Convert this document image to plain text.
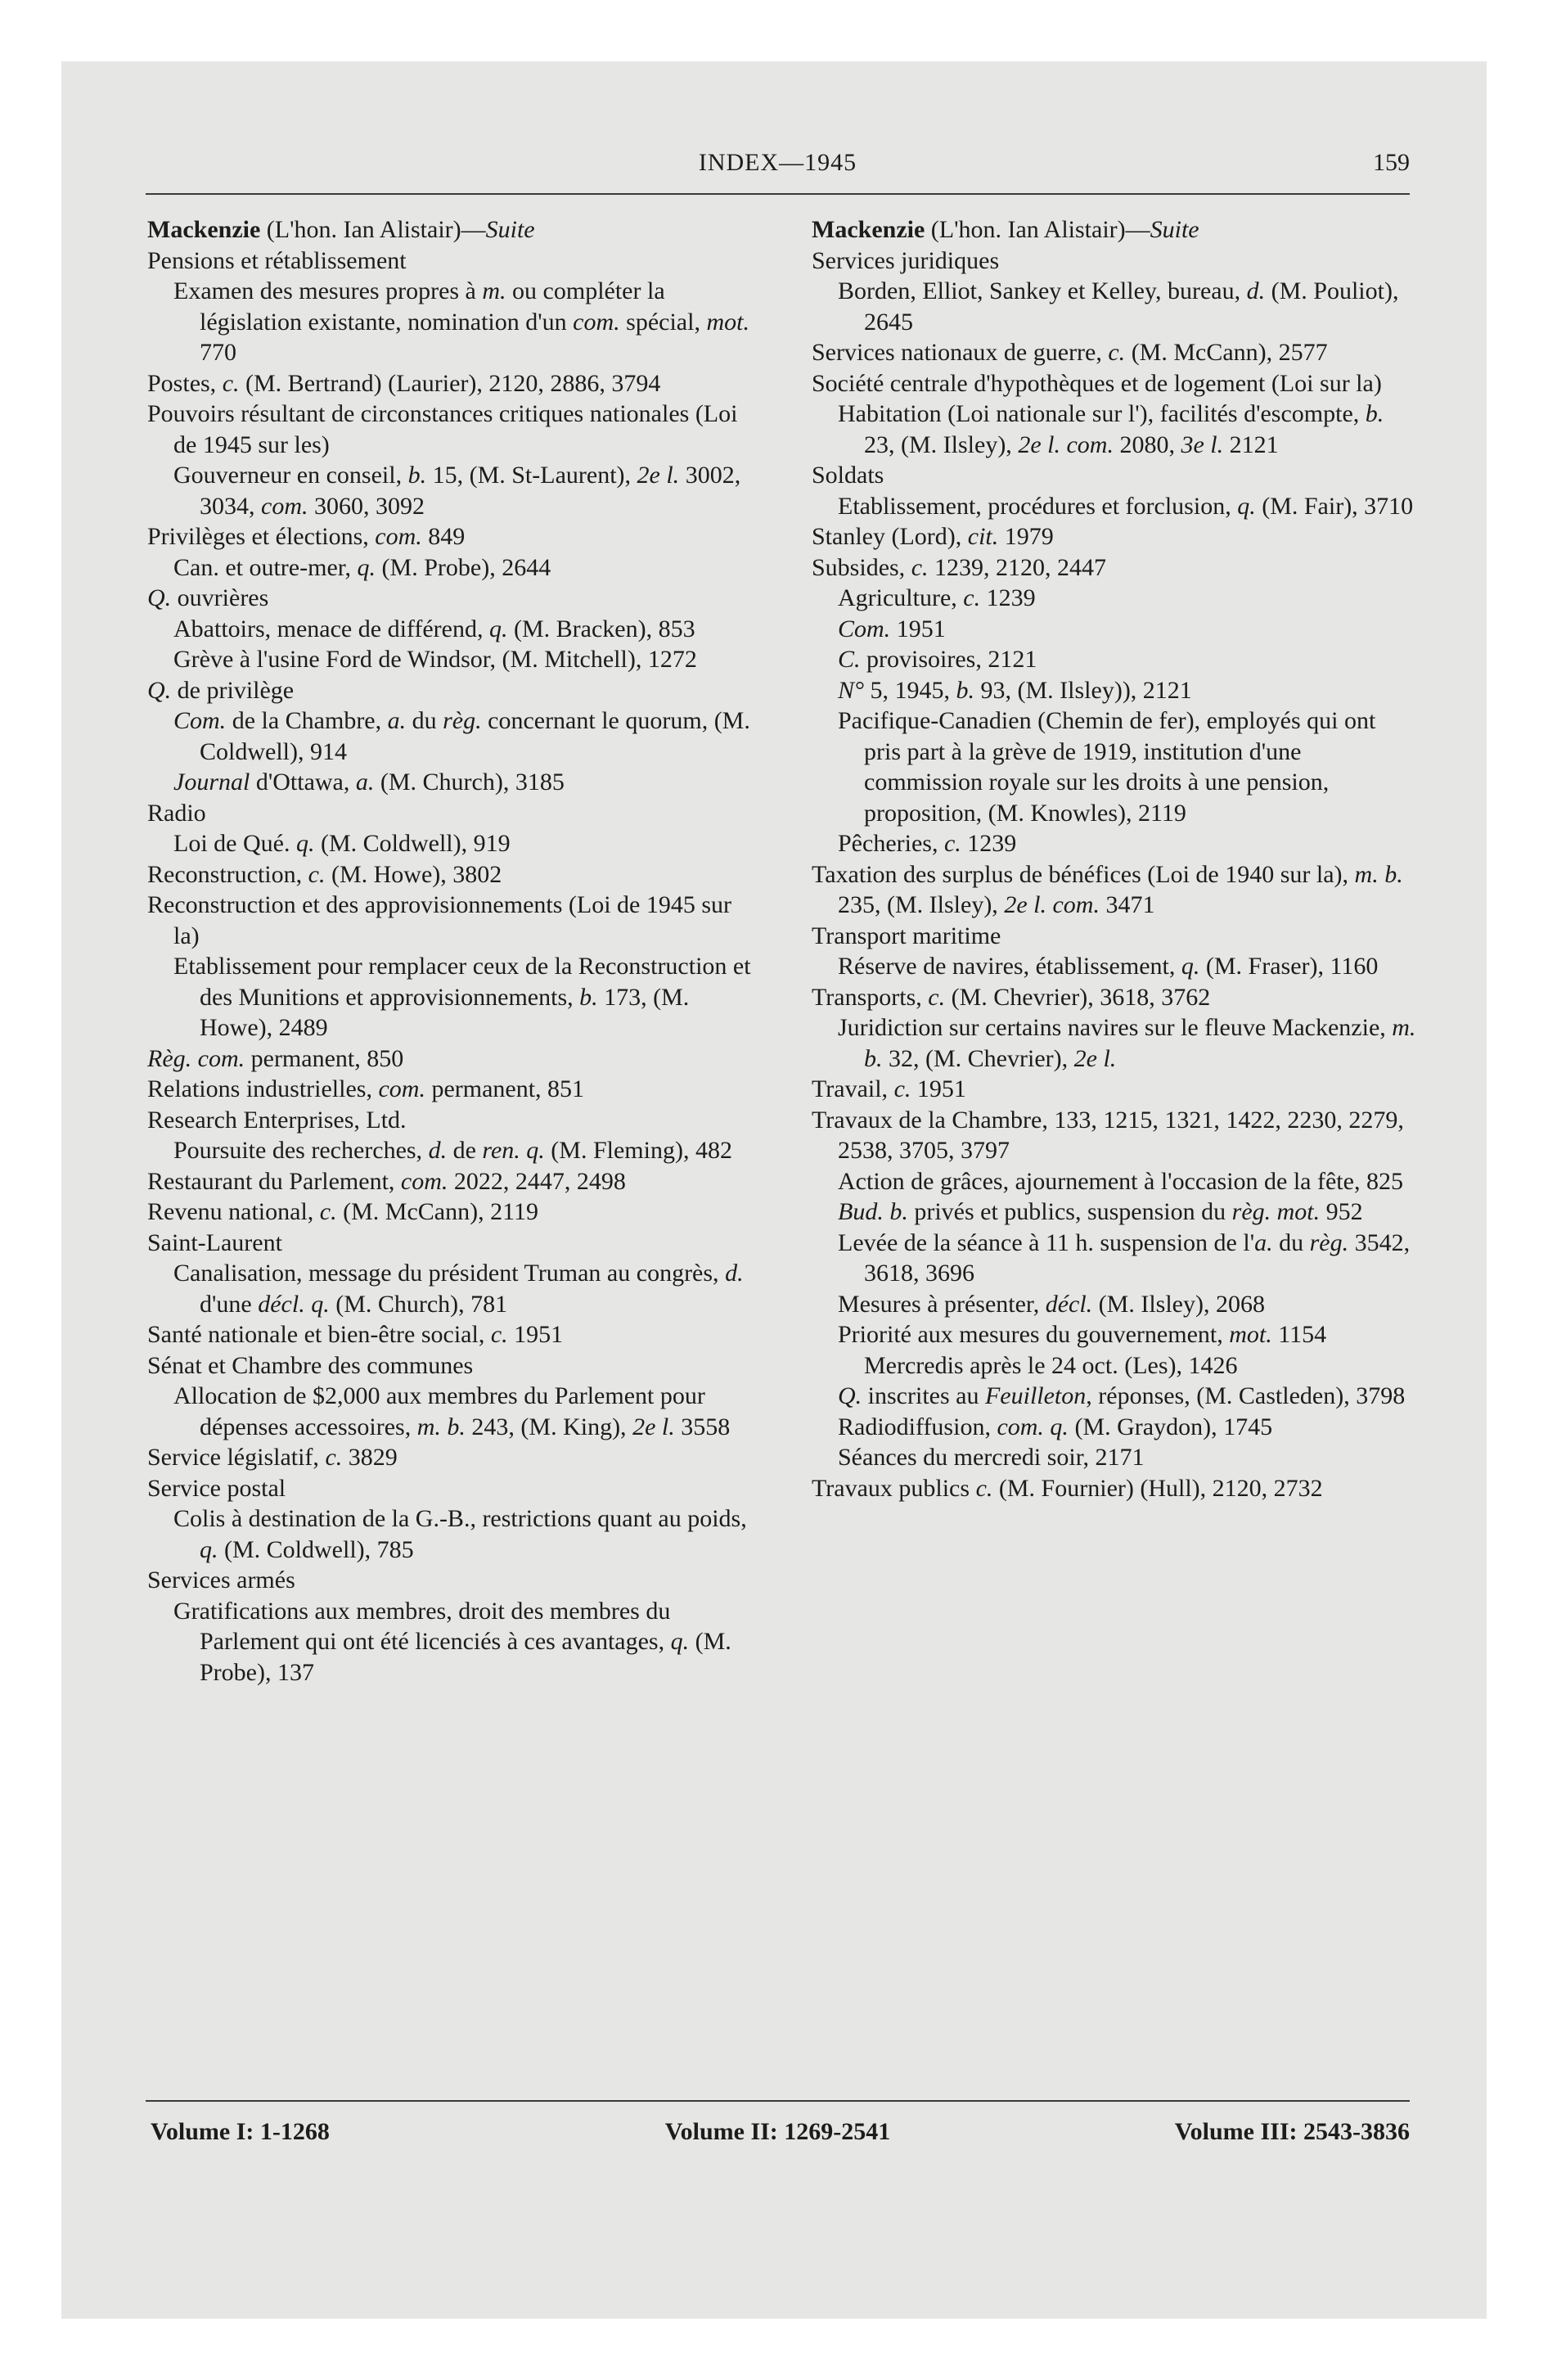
INDEX—1945	159
Mackenzie (L'hon. Ian Alistair)—Suite
Pensions et rétablissement
Examen des mesures propres à m. ou compléter la législation existante, nomination d'un com. spécial, mot. 770
Postes, c. (M. Bertrand) (Laurier), 2120, 2886, 3794
Pouvoirs résultant de circonstances critiques nationales (Loi de 1945 sur les)
Gouverneur en conseil, b. 15, (M. St-Laurent), 2e l. 3002, 3034, com. 3060, 3092
Privilèges et élections, com. 849
Can. et outre-mer, q. (M. Probe), 2644
Q. ouvrières
Abattoirs, menace de différend, q. (M. Bracken), 853
Grève à l'usine Ford de Windsor, (M. Mitchell), 1272
Q. de privilège
Com. de la Chambre, a. du règ. concernant le quorum, (M. Coldwell), 914
Journal d'Ottawa, a. (M. Church), 3185
Radio
Loi de Qué. q. (M. Coldwell), 919
Reconstruction, c. (M. Howe), 3802
Reconstruction et des approvisionnements (Loi de 1945 sur la)
Etablissement pour remplacer ceux de la Reconstruction et des Munitions et approvisionnements, b. 173, (M. Howe), 2489
Règ. com. permanent, 850
Relations industrielles, com. permanent, 851
Research Enterprises, Ltd.
Poursuite des recherches, d. de ren. q. (M. Fleming), 482
Restaurant du Parlement, com. 2022, 2447, 2498
Revenu national, c. (M. McCann), 2119
Saint-Laurent
Canalisation, message du président Truman au congrès, d. d'une décl. q. (M. Church), 781
Santé nationale et bien-être social, c. 1951
Sénat et Chambre des communes
Allocation de $2,000 aux membres du Parlement pour dépenses accessoires, m. b. 243, (M. King), 2e l. 3558
Service législatif, c. 3829
Service postal
Colis à destination de la G.-B., restrictions quant au poids, q. (M. Coldwell), 785
Services armés
Gratifications aux membres, droit des membres du Parlement qui ont été licenciés à ces avantages, q. (M. Probe), 137
Mackenzie (L'hon. Ian Alistair)—Suite
Services juridiques
Borden, Elliot, Sankey et Kelley, bureau, d. (M. Pouliot), 2645
Services nationaux de guerre, c. (M. McCann), 2577
Société centrale d'hypothèques et de logement (Loi sur la)
Habitation (Loi nationale sur l'), facilités d'escompte, b. 23, (M. Ilsley), 2e l. com. 2080, 3e l. 2121
Soldats
Etablissement, procédures et forclusion, q. (M. Fair), 3710
Stanley (Lord), cit. 1979
Subsides, c. 1239, 2120, 2447
Agriculture, c. 1239
Com. 1951
C. provisoires, 2121
N° 5, 1945, b. 93, (M. Ilsley)), 2121
Pacifique-Canadien (Chemin de fer), employés qui ont pris part à la grève de 1919, institution d'une commission royale sur les droits à une pension, proposition, (M. Knowles), 2119
Pêcheries, c. 1239
Taxation des surplus de bénéfices (Loi de 1940 sur la), m. b. 235, (M. Ilsley), 2e l. com. 3471
Transport maritime
Réserve de navires, établissement, q. (M. Fraser), 1160
Transports, c. (M. Chevrier), 3618, 3762
Juridiction sur certains navires sur le fleuve Mackenzie, m. b. 32, (M. Chevrier), 2e l.
Travail, c. 1951
Travaux de la Chambre, 133, 1215, 1321, 1422, 2230, 2279, 2538, 3705, 3797
Action de grâces, ajournement à l'occasion de la fête, 825
Bud. b. privés et publics, suspension du règ. mot. 952
Levée de la séance à 11 h. suspension de l'a. du règ. 3542, 3618, 3696
Mesures à présenter, décl. (M. Ilsley), 2068
Priorité aux mesures du gouvernement, mot. 1154
Mercredis après le 24 oct. (Les), 1426
Q. inscrites au Feuilleton, réponses, (M. Castleden), 3798
Radiodiffusion, com. q. (M. Graydon), 1745
Séances du mercredi soir, 2171
Travaux publics c. (M. Fournier) (Hull), 2120, 2732
Volume I: 1-1268	Volume II: 1269-2541	Volume III: 2543-3836
